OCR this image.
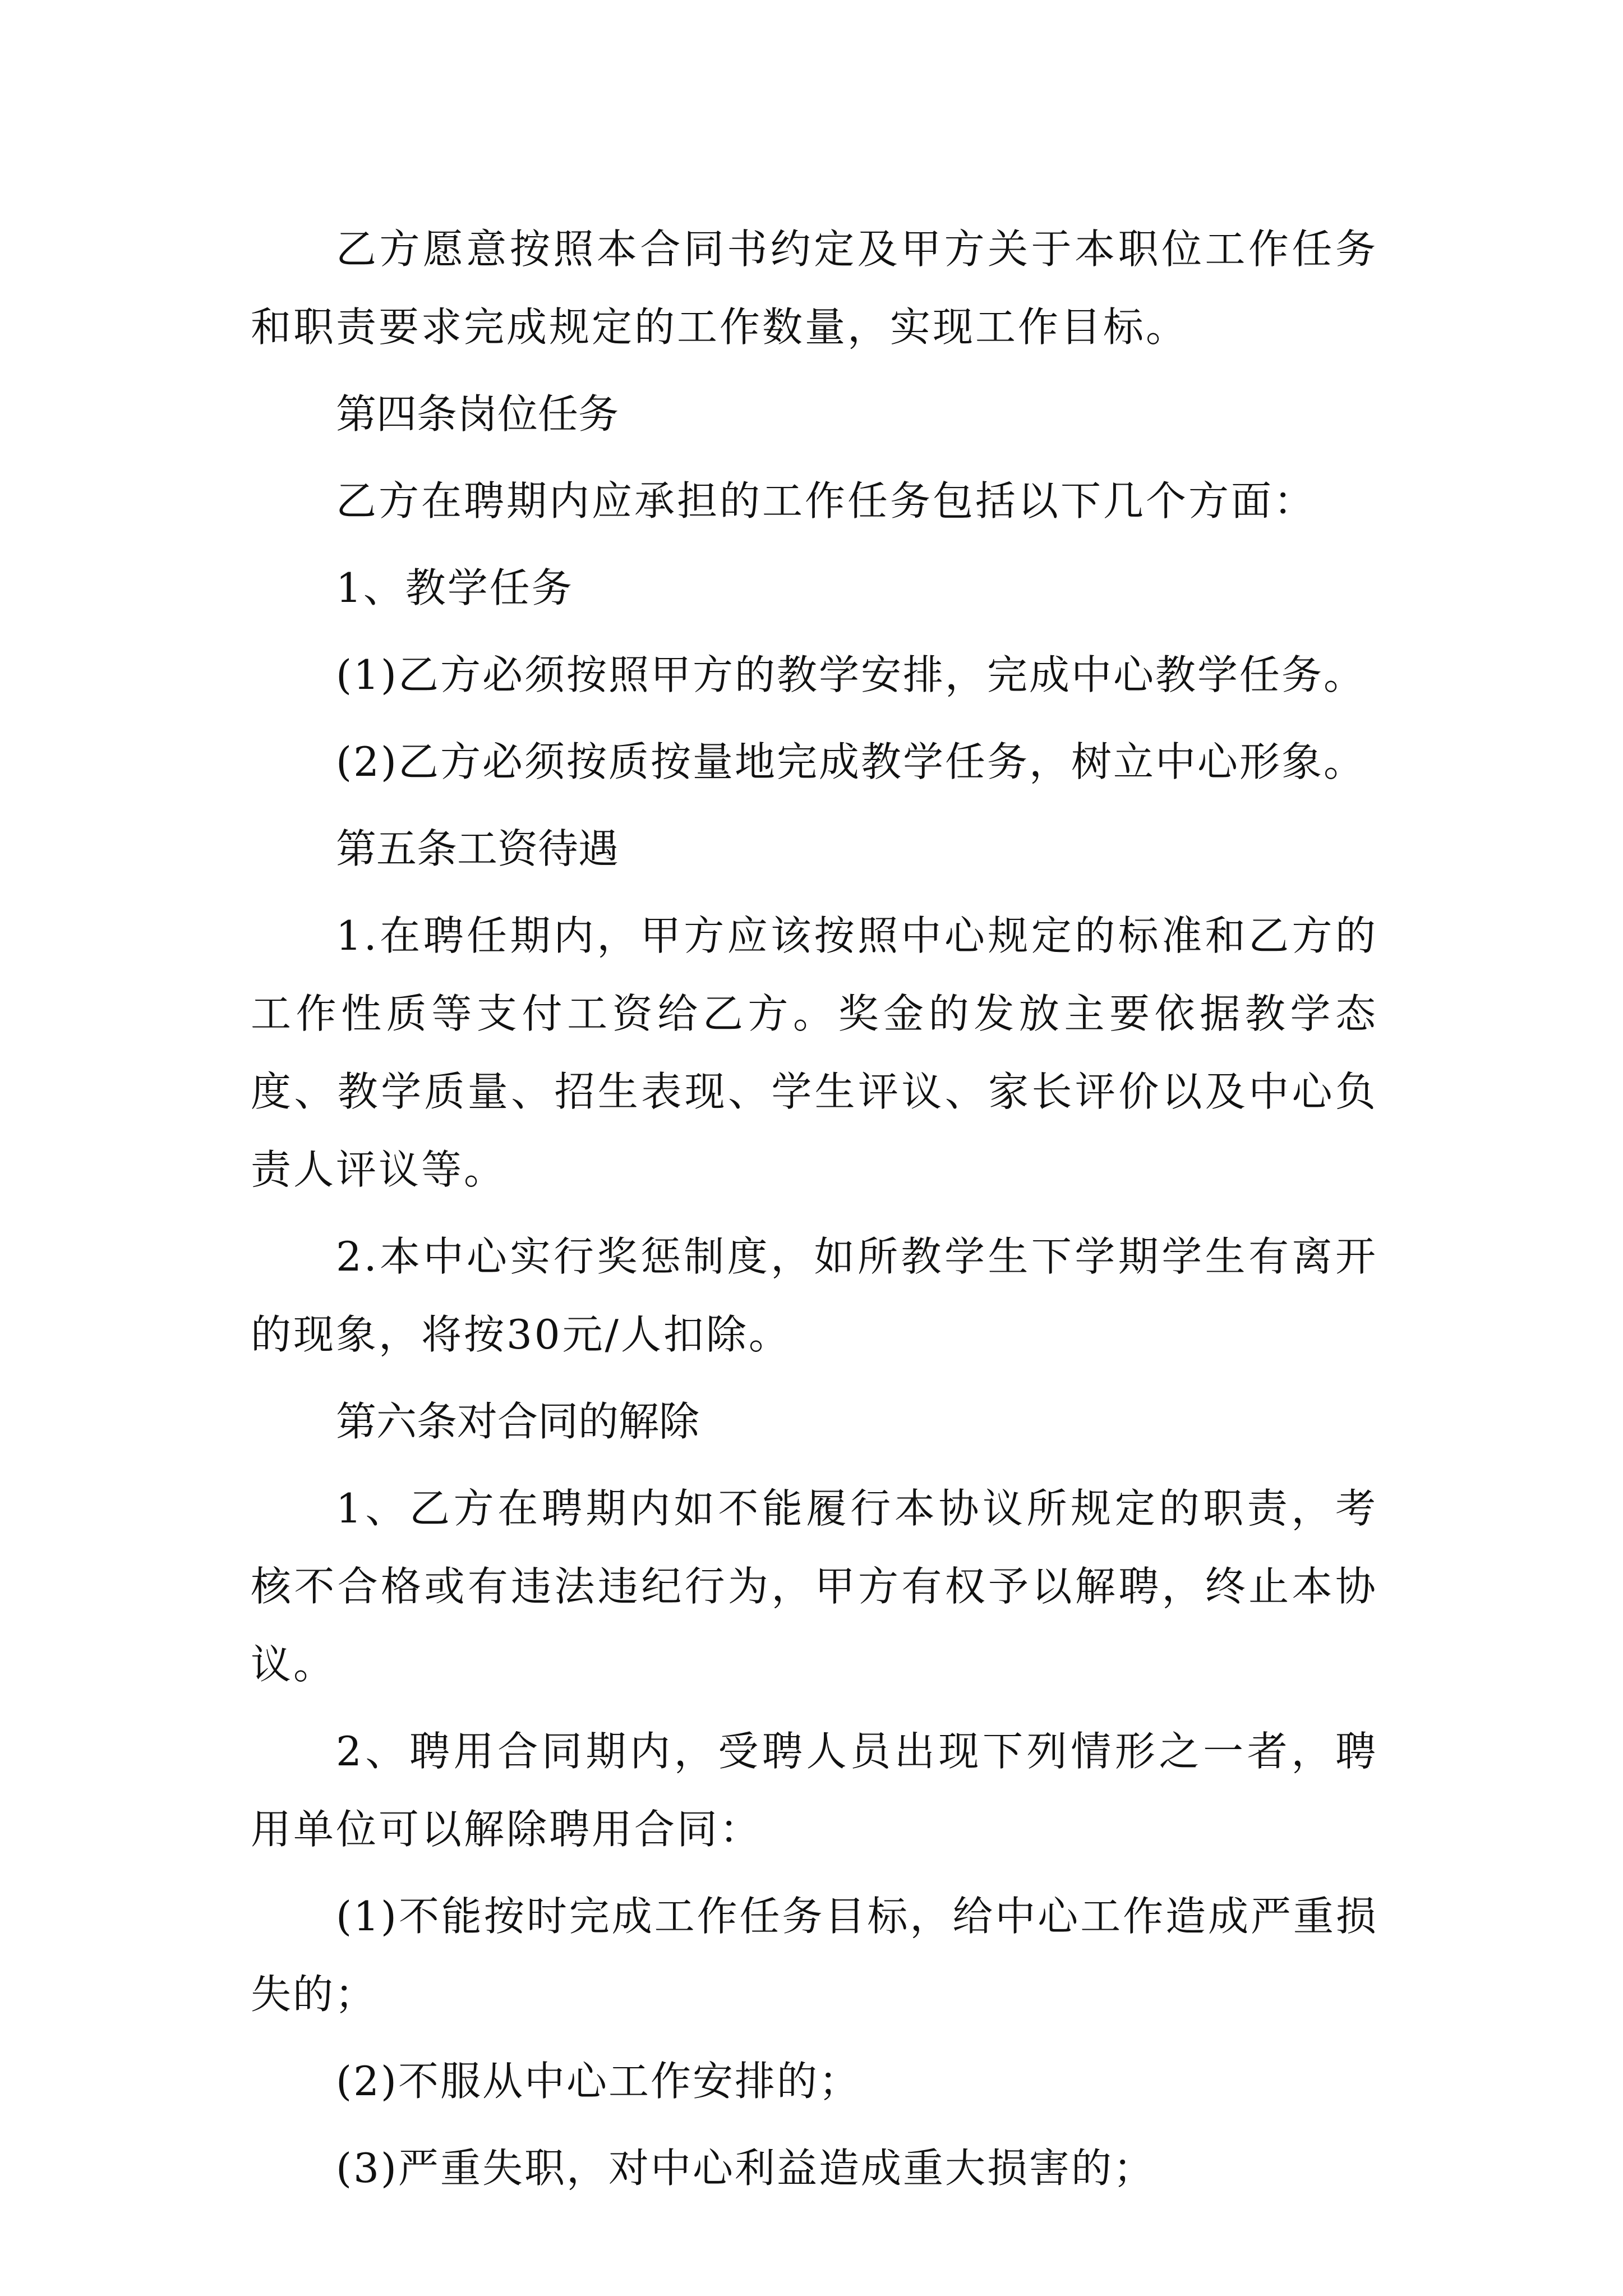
乙方愿意按照本合同书约定及甲方关于本职位工作任务和职责要求完成规定的工作数量，实现工作目标。

第四条岗位任务

乙方在聘期内应承担的工作任务包括以下几个方面：

1、教学任务

(1)乙方必须按照甲方的教学安排，完成中心教学任务。

(2)乙方必须按质按量地完成教学任务，树立中心形象。

第五条工资待遇

1.在聘任期内，甲方应该按照中心规定的标准和乙方的工作性质等支付工资给乙方。奖金的发放主要依据教学态度、教学质量、招生表现、学生评议、家长评价以及中心负责人评议等。

2.本中心实行奖惩制度，如所教学生下学期学生有离开的现象，将按30元/人扣除。

第六条对合同的解除

1、乙方在聘期内如不能履行本协议所规定的职责，考核不合格或有违法违纪行为，甲方有权予以解聘，终止本协议。

2、聘用合同期内，受聘人员出现下列情形之一者，聘用单位可以解除聘用合同：

(1)不能按时完成工作任务目标，给中心工作造成严重损失的；

(2)不服从中心工作安排的；

(3)严重失职，对中心利益造成重大损害的；
